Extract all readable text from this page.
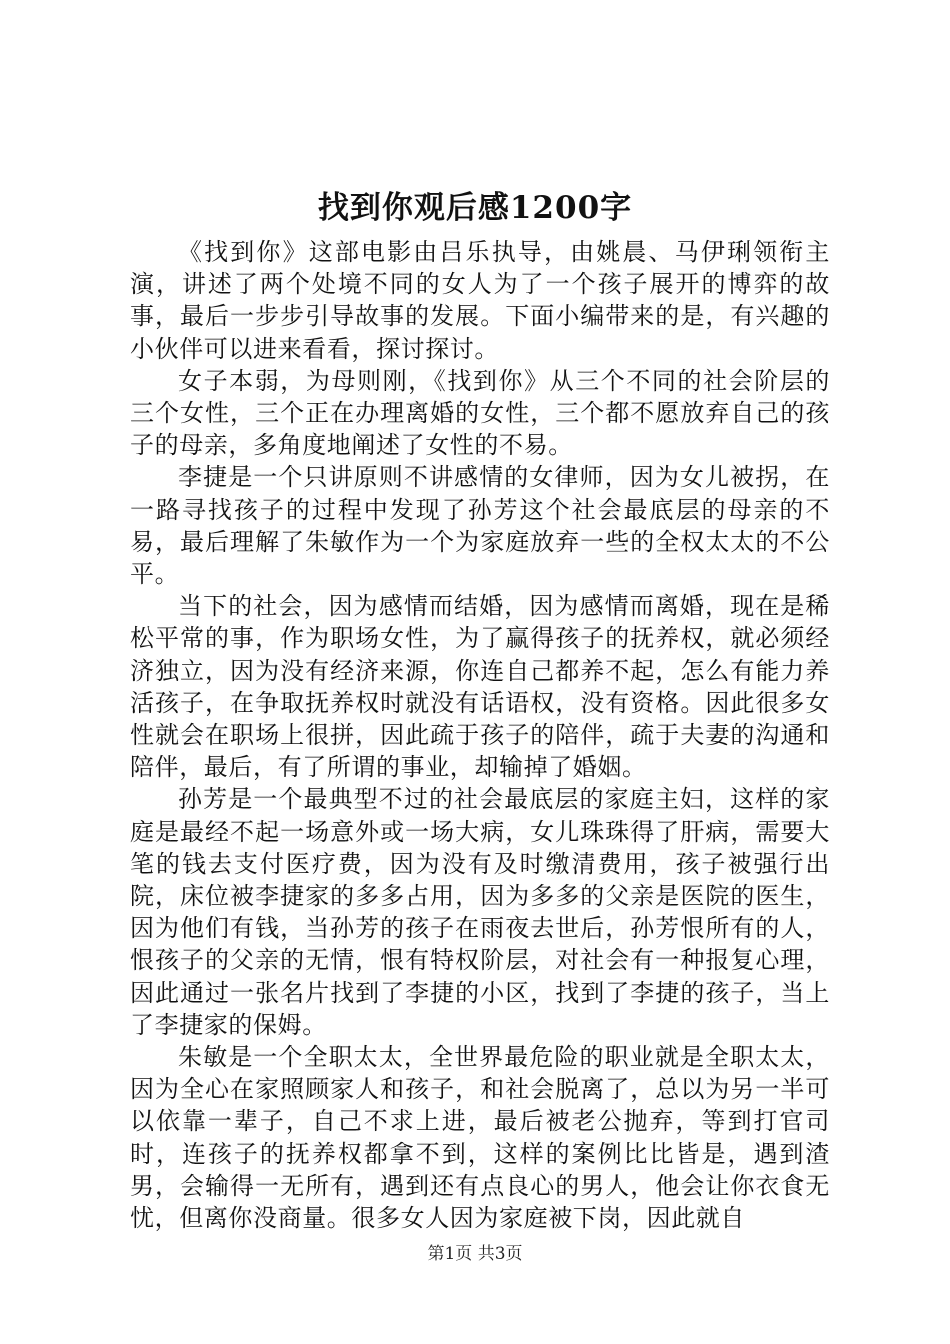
找到你观后感1200字

《找到你》这部电影由吕乐执导，由姚晨、马伊琍领衔主演，讲述了两个处境不同的女人为了一个孩子展开的博弈的故事，最后一步步引导故事的发展。下面小编带来的是，有兴趣的小伙伴可以进来看看，探讨探讨。

女子本弱，为母则刚，《找到你》从三个不同的社会阶层的三个女性，三个正在办理离婚的女性，三个都不愿放弃自己的孩子的母亲，多角度地阐述了女性的不易。

李捷是一个只讲原则不讲感情的女律师，因为女儿被拐，在一路寻找孩子的过程中发现了孙芳这个社会最底层的母亲的不易，最后理解了朱敏作为一个为家庭放弃一些的全权太太的不公平。

当下的社会，因为感情而结婚，因为感情而离婚，现在是稀松平常的事，作为职场女性，为了赢得孩子的抚养权，就必须经济独立，因为没有经济来源，你连自己都养不起，怎么有能力养活孩子，在争取抚养权时就没有话语权，没有资格。因此很多女性就会在职场上很拼，因此疏于孩子的陪伴，疏于夫妻的沟通和陪伴，最后，有了所谓的事业，却输掉了婚姻。

孙芳是一个最典型不过的社会最底层的家庭主妇，这样的家庭是最经不起一场意外或一场大病，女儿珠珠得了肝病，需要大笔的钱去支付医疗费，因为没有及时缴清费用，孩子被强行出院，床位被李捷家的多多占用，因为多多的父亲是医院的医生，因为他们有钱，当孙芳的孩子在雨夜去世后，孙芳恨所有的人，恨孩子的父亲的无情，恨有特权阶层，对社会有一种报复心理，因此通过一张名片找到了李捷的小区，找到了李捷的孩子，当上了李捷家的保姆。

朱敏是一个全职太太，全世界最危险的职业就是全职太太，因为全心在家照顾家人和孩子，和社会脱离了，总以为另一半可以依靠一辈子，自己不求上进，最后被老公抛弃，等到打官司时，连孩子的抚养权都拿不到，这样的案例比比皆是，遇到渣男，会输得一无所有，遇到还有点良心的男人，他会让你衣食无忧，但离你没商量。很多女人因为家庭被下岗，因此就自

第1页 共3页
